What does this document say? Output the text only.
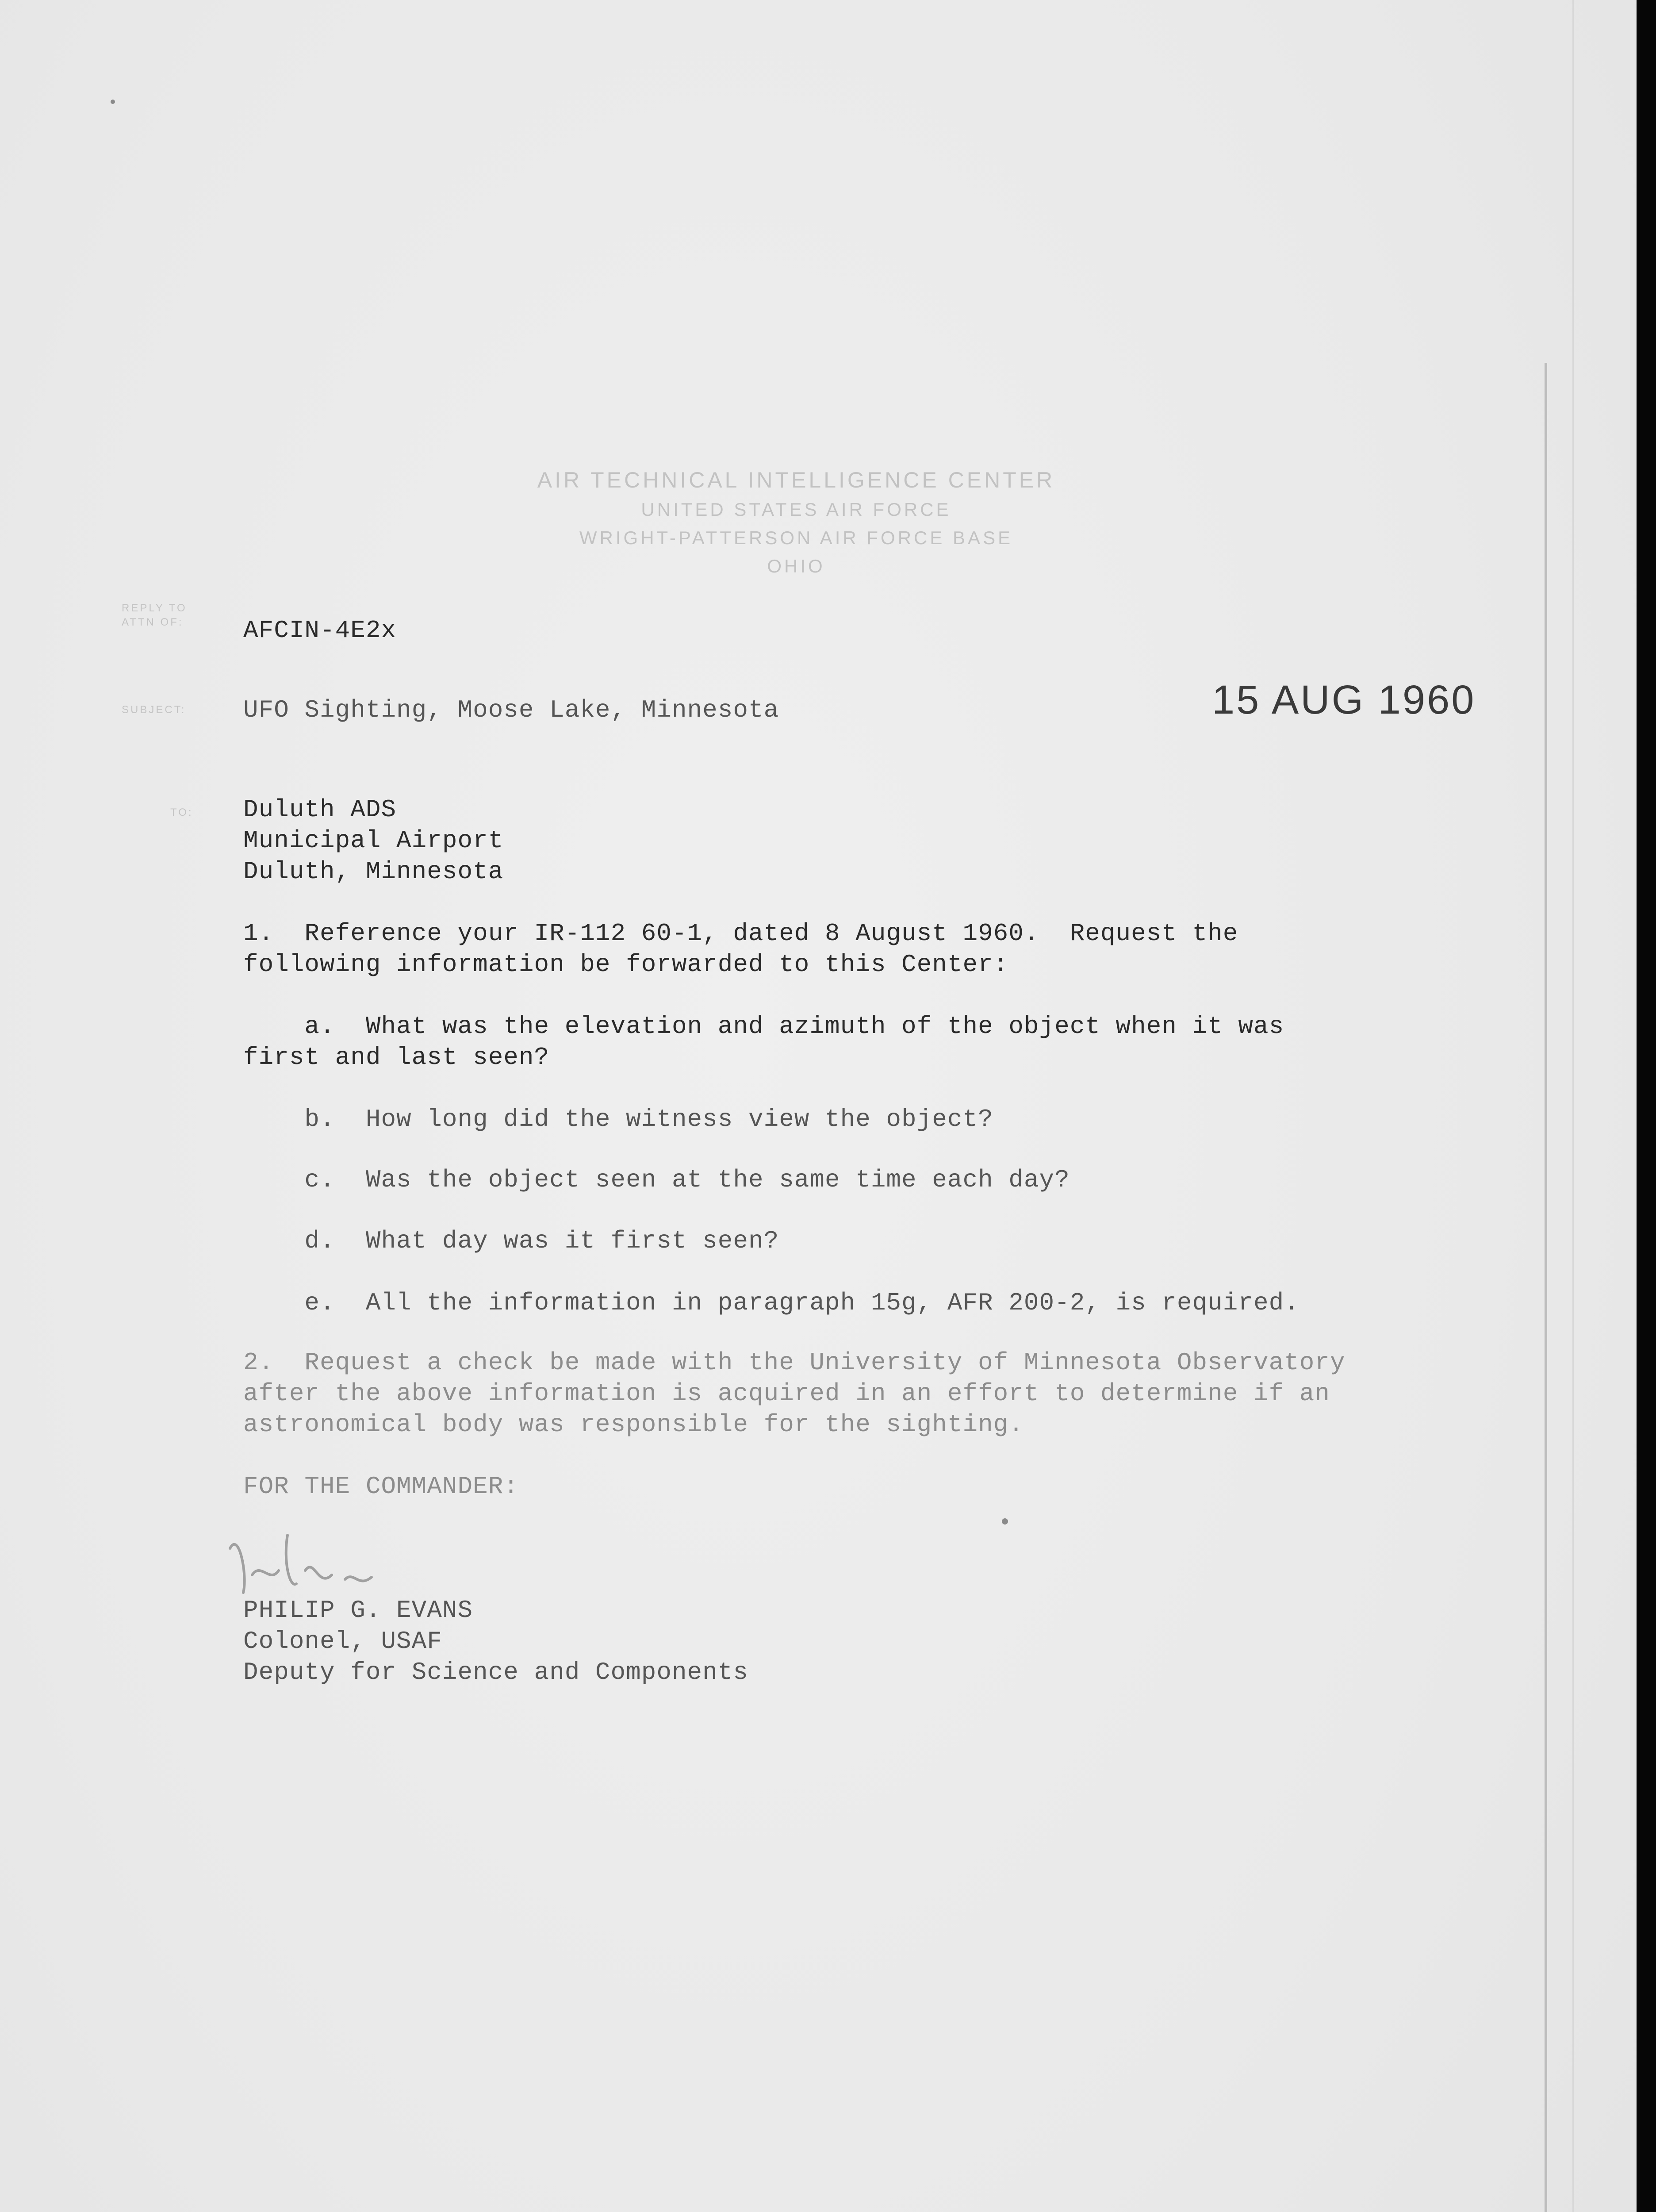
AIR TECHNICAL INTELLIGENCE CENTER
UNITED STATES AIR FORCE
WRIGHT-PATTERSON AIR FORCE BASE
OHIO
REPLY TO
ATTN OF:
SUBJECT:
TO:
AFCIN-4E2x
UFO Sighting, Moose Lake, Minnesota	15 AUG 1960
Duluth ADS
Municipal Airport
Duluth, Minnesota
1.  Reference your IR-112 60-1, dated 8 August 1960.  Request the
following information be forwarded to this Center:
a.  What was the elevation and azimuth of the object when it was
first and last seen?
b.  How long did the witness view the object?
c.  Was the object seen at the same time each day?
d.  What day was it first seen?
e.  All the information in paragraph 15g, AFR 200-2, is required.
2.  Request a check be made with the University of Minnesota Observatory
after the above information is acquired in an effort to determine if an
astronomical body was responsible for the sighting.
FOR THE COMMANDER:
PHILIP G. EVANS
Colonel, USAF
Deputy for Science and Components
